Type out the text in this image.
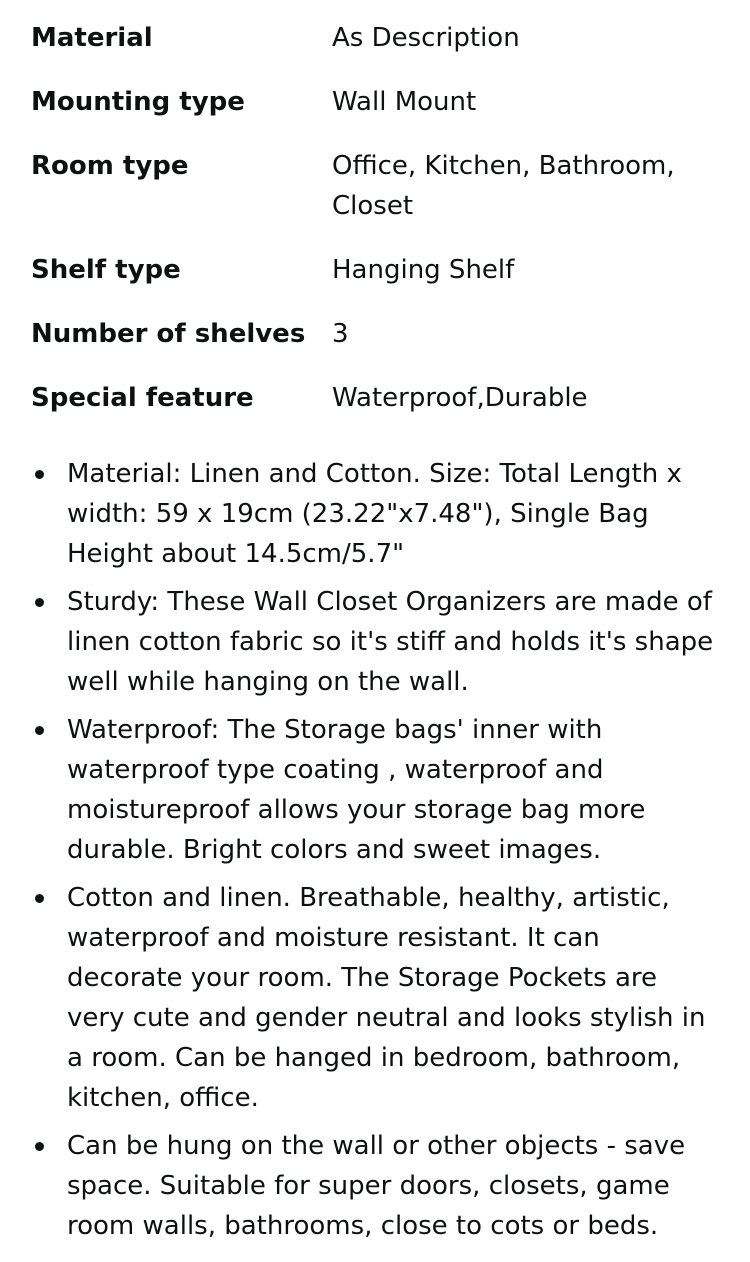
Material	As Description
Mounting type	Wall Mount
Room type	Office, Kitchen, Bathroom, Closet
Shelf type	Hanging Shelf
Number of shelves	3
Special feature	Waterproof,Durable
Material: Linen and Cotton. Size: Total Length x width: 59 x 19cm (23.22"x7.48"), Single Bag Height about 14.5cm/5.7"
Sturdy: These Wall Closet Organizers are made of linen cotton fabric so it's stiff and holds it's shape well while hanging on the wall.
Waterproof: The Storage bags' inner with waterproof type coating , waterproof and moistureproof allows your storage bag more durable. Bright colors and sweet images.
Cotton and linen. Breathable, healthy, artistic, waterproof and moisture resistant. It can decorate your room. The Storage Pockets are very cute and gender neutral and looks stylish in a room. Can be hanged in bedroom, bathroom, kitchen, office.
Can be hung on the wall or other objects - save space. Suitable for super doors, closets, game room walls, bathrooms, close to cots or beds.
